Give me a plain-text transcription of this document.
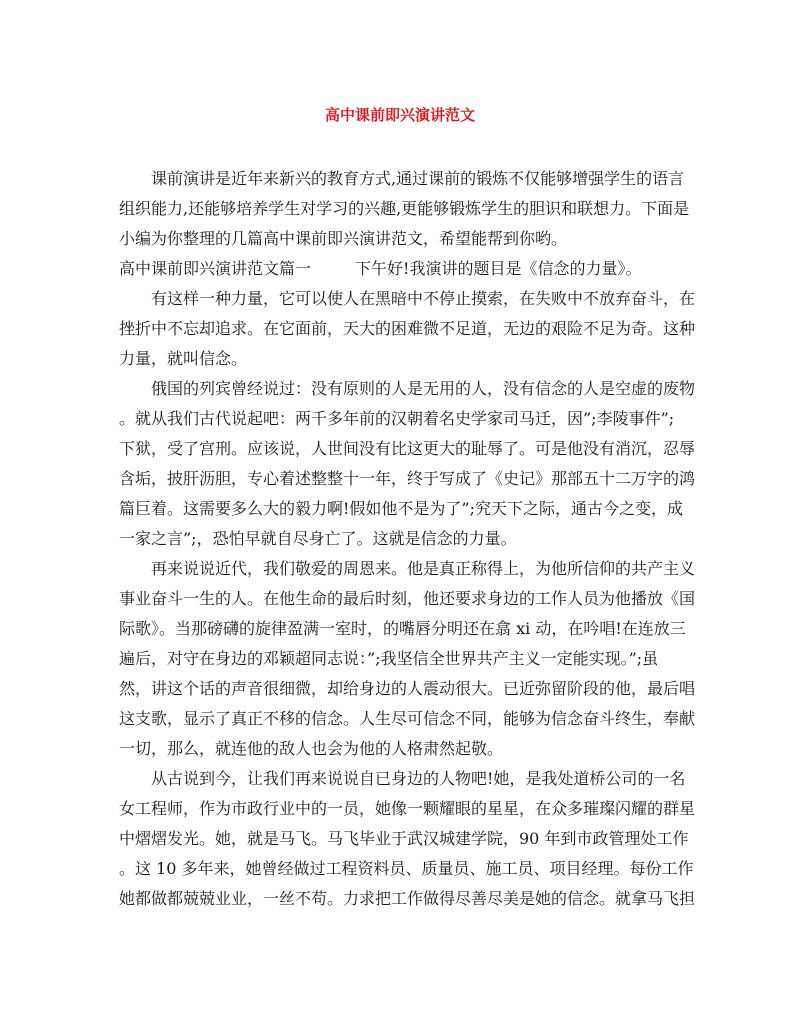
高中课前即兴演讲范文
课前演讲是近年来新兴的教育方式,通过课前的锻炼不仅能够增强学生的语言
组织能力,还能够培养学生对学习的兴趣,更能够锻炼学生的胆识和联想力。下面是
小编为你整理的几篇高中课前即兴演讲范文，希望能帮到你哟。
高中课前即兴演讲范文篇一	下午好!我演讲的题目是《信念的力量》。
有这样一种力量，它可以使人在黑暗中不停止摸索，在失败中不放弃奋斗，在
挫折中不忘却追求。在它面前，天大的困难微不足道，无边的艰险不足为奇。这种
力量，就叫信念。
俄国的列宾曾经说过：没有原则的人是无用的人，没有信念的人是空虚的废物
。就从我们古代说起吧：两千多年前的汉朝着名史学家司马迁，因”;李陵事件”;
下狱，受了宫刑。应该说，人世间没有比这更大的耻辱了。可是他没有消沉，忍辱
含垢，披肝沥胆，专心着述整整十一年，终于写成了《史记》那部五十二万字的鸿
篇巨着。这需要多么大的毅力啊!假如他不是为了”;究天下之际，通古今之变，成
一家之言”;，恐怕早就自尽身亡了。这就是信念的力量。
再来说说近代，我们敬爱的周恩来。他是真正称得上，为他所信仰的共产主义
事业奋斗一生的人。在他生命的最后时刻，他还要求身边的工作人员为他播放《国
际歌》。当那磅礴的旋律盈满一室时，的嘴唇分明还在翕 xi 动，在吟唱!在连放三
遍后，对守在身边的邓颖超同志说：”;我坚信全世界共产主义一定能实现。”;虽
然，讲这个话的声音很细微，却给身边的人震动很大。已近弥留阶段的他，最后唱
这支歌，显示了真正不移的信念。人生尽可信念不同，能够为信念奋斗终生，奉献
一切，那么，就连他的敌人也会为他的人格肃然起敬。
从古说到今，让我们再来说说自已身边的人物吧!她，是我处道桥公司的一名
女工程师，作为市政行业中的一员，她像一颗耀眼的星星，在众多璀璨闪耀的群星
中熠熠发光。她，就是马飞。马飞毕业于武汉城建学院，90 年到市政管理处工作
。这 10 多年来，她曾经做过工程资料员、质量员、施工员、项目经理。每份工作
她都做都兢兢业业，一丝不苟。力求把工作做得尽善尽美是她的信念。就拿马飞担
